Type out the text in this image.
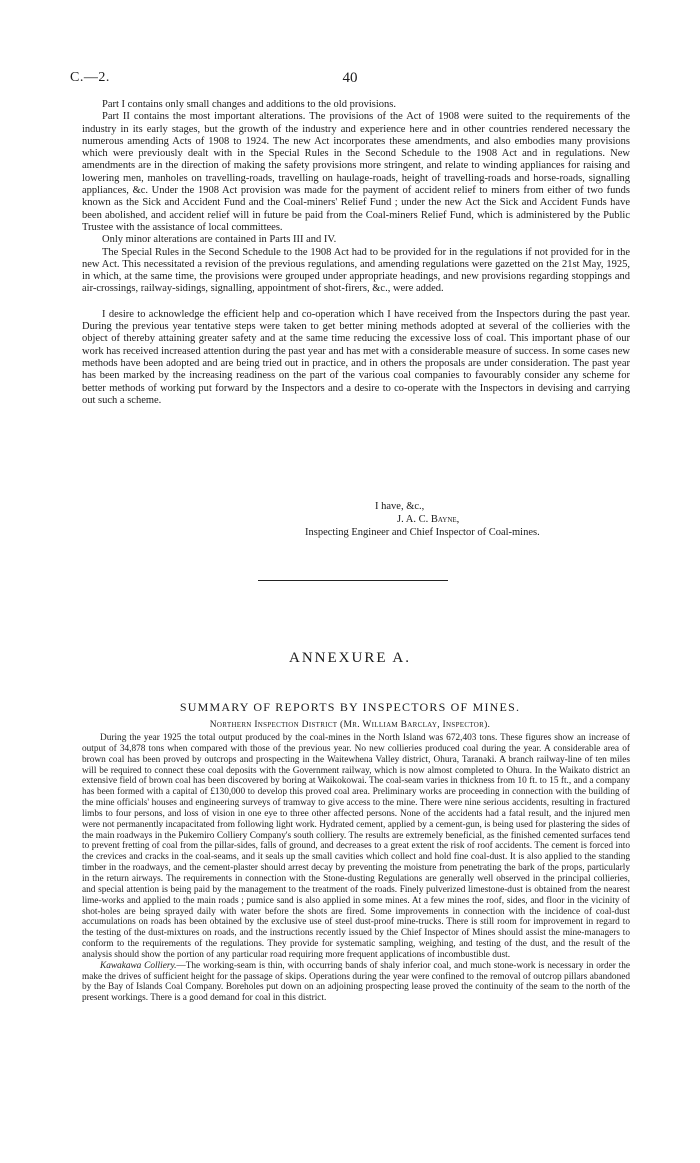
C.—2.	40

Part I contains only small changes and additions to the old provisions.

Part II contains the most important alterations. The provisions of the Act of 1908 were suited to the requirements of the industry in its early stages, but the growth of the industry and experience here and in other countries rendered necessary the numerous amending Acts of 1908 to 1924. The new Act incorporates these amendments, and also embodies many provisions which were previously dealt with in the Special Rules in the Second Schedule to the 1908 Act and in regulations. New amendments are in the direction of making the safety provisions more stringent, and relate to winding appliances for raising and lowering men, manholes on travelling-roads, travelling on haulage-roads, height of travelling-roads and horse-roads, signalling appliances, &c. Under the 1908 Act provision was made for the payment of accident relief to miners from either of two funds known as the Sick and Accident Fund and the Coal-miners' Relief Fund ; under the new Act the Sick and Accident Funds have been abolished, and accident relief will in future be paid from the Coal-miners Relief Fund, which is administered by the Public Trustee with the assistance of local committees.

Only minor alterations are contained in Parts III and IV.

The Special Rules in the Second Schedule to the 1908 Act had to be provided for in the regulations if not provided for in the new Act. This necessitated a revision of the previous regulations, and amending regulations were gazetted on the 21st May, 1925, in which, at the same time, the provisions were grouped under appropriate headings, and new provisions regarding stoppings and air-crossings, railway-sidings, signalling, appointment of shot-firers, &c., were added.

I desire to acknowledge the efficient help and co-operation which I have received from the Inspectors during the past year. During the previous year tentative steps were taken to get better mining methods adopted at several of the collieries with the object of thereby attaining greater safety and at the same time reducing the excessive loss of coal. This important phase of our work has received increased attention during the past year and has met with a considerable measure of success. In some cases new methods have been adopted and are being tried out in practice, and in others the proposals are under consideration. The past year has been marked by the increasing readiness on the part of the various coal companies to favourably consider any scheme for better methods of working put forward by the Inspectors and a desire to co-operate with the Inspectors in devising and carrying out such a scheme.

I have, &c.,
J. A. C. Bayne,
Inspecting Engineer and Chief Inspector of Coal-mines.
ANNEXURE A.
SUMMARY OF REPORTS BY INSPECTORS OF MINES.
Northern Inspection District (Mr. William Barclay, Inspector).

During the year 1925 the total output produced by the coal-mines in the North Island was 672,403 tons. These figures show an increase of output of 34,878 tons when compared with those of the previous year. No new collieries produced coal during the year. A considerable area of brown coal has been proved by outcrops and prospecting in the Waitewhena Valley district, Ohura, Taranaki. A branch railway-line of ten miles will be required to connect these coal deposits with the Government railway, which is now almost completed to Ohura. In the Waikato district an extensive field of brown coal has been discovered by boring at Waikokowai. The coal-seam varies in thickness from 10 ft. to 15 ft., and a company has been formed with a capital of £130,000 to develop this proved coal area. Preliminary works are proceeding in connection with the building of the mine officials' houses and engineering surveys of tramway to give access to the mine. There were nine serious accidents, resulting in fractured limbs to four persons, and loss of vision in one eye to three other affected persons. None of the accidents had a fatal result, and the injured men were not permanently incapacitated from following light work. Hydrated cement, applied by a cement-gun, is being used for plastering the sides of the main roadways in the Pukemiro Colliery Company's south colliery. The results are extremely beneficial, as the finished cemented surfaces tend to prevent fretting of coal from the pillar-sides, falls of ground, and decreases to a great extent the risk of roof accidents. The cement is forced into the crevices and cracks in the coal-seams, and it seals up the small cavities which collect and hold fine coal-dust. It is also applied to the standing timber in the roadways, and the cement-plaster should arrest decay by preventing the moisture from penetrating the bark of the props, particularly in the return airways. The requirements in connection with the Stone-dusting Regulations are generally well observed in the principal collieries, and special attention is being paid by the management to the treatment of the roads. Finely pulverized limestone-dust is obtained from the nearest lime-works and applied to the main roads ; pumice sand is also applied in some mines. At a few mines the roof, sides, and floor in the vicinity of shot-holes are being sprayed daily with water before the shots are fired. Some improvements in connection with the incidence of coal-dust accumulations on roads has been obtained by the exclusive use of steel dust-proof mine-trucks. There is still room for improvement in regard to the testing of the dust-mixtures on roads, and the instructions recently issued by the Chief Inspector of Mines should assist the mine-managers to conform to the requirements of the regulations. They provide for systematic sampling, weighing, and testing of the dust, and the result of the analysis should show the portion of any particular road requiring more frequent applications of incombustible dust.

Kawakawa Colliery.—The working-seam is thin, with occurring bands of shaly inferior coal, and much stone-work is necessary in order the make the drives of sufficient height for the passage of skips. Operations during the year were confined to the removal of outcrop pillars abandoned by the Bay of Islands Coal Company. Boreholes put down on an adjoining prospecting lease proved the continuity of the seam to the north of the present workings. There is a good demand for coal in this district.
